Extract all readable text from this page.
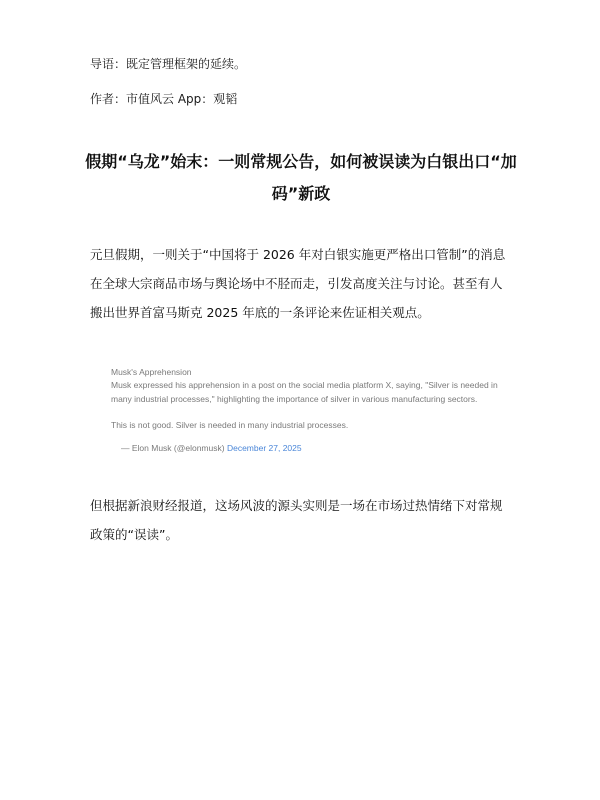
导语：既定管理框架的延续。
作者：市值风云 App：观韬
假期“乌龙”始末：一则常规公告，如何被误读为白银出口“加码”新政
元旦假期，一则关于“中国将于 2026 年对白银实施更严格出口管制”的消息在全球大宗商品市场与舆论场中不胫而走，引发高度关注与讨论。甚至有人搬出世界首富马斯克 2025 年底的一条评论来佐证相关观点。
Musk's Apprehension
Musk expressed his apprehension in a post on the social media platform X, saying, "Silver is needed in many industrial processes," highlighting the importance of silver in various manufacturing sectors.
This is not good. Silver is needed in many industrial processes.
— Elon Musk (@elonmusk) December 27, 2025
但根据新浪财经报道，这场风波的源头实则是一场在市场过热情绪下对常规政策的“误读”。
